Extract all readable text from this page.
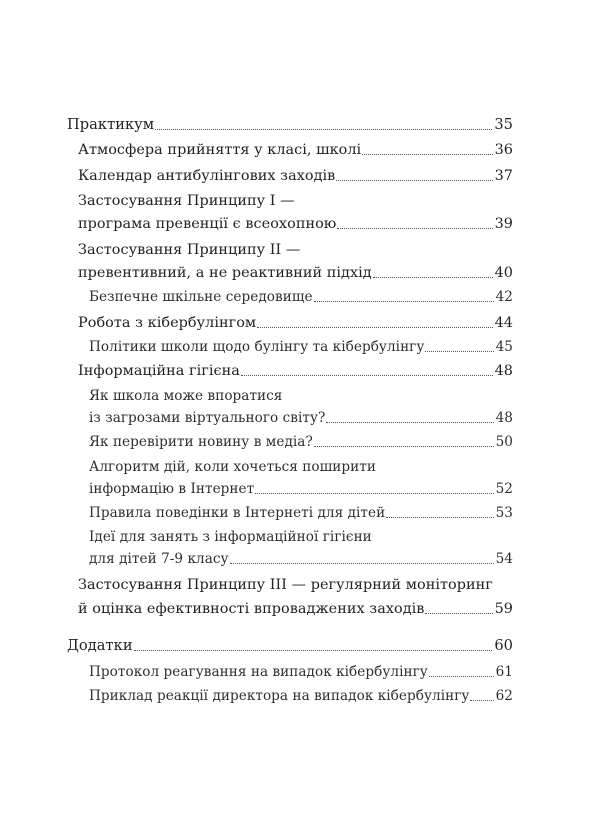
Практикум	35
Атмосфера прийняття у класі, школі	36
Календар антибулінгових заходів	37
Застосування Принципу I —
програма превенції є всеохопною	39
Застосування Принципу II —
превентивний, а не реактивний підхід	40
Безпечне шкільне середовище	42
Робота з кібербулінгом	44
Політики школи щодо булінгу та кібербулінгу	45
Інформаційна гігієна	48
Як школа може впоратися
із загрозами віртуального світу?	48
Як перевірити новину в медіа?	50
Алгоритм дій, коли хочеться поширити
інформацію в Інтернет	52
Правила поведінки в Інтернеті для дітей	53
Ідеї для занять з інформаційної гігієни
для дітей 7-9 класу	54
Застосування Принципу III — регулярний моніторинг
й оцінка ефективності впроваджених заходів	59
Додатки	60
Протокол реагування на випадок кібербулінгу	61
Приклад реакції директора на випадок кібербулінгу 62
